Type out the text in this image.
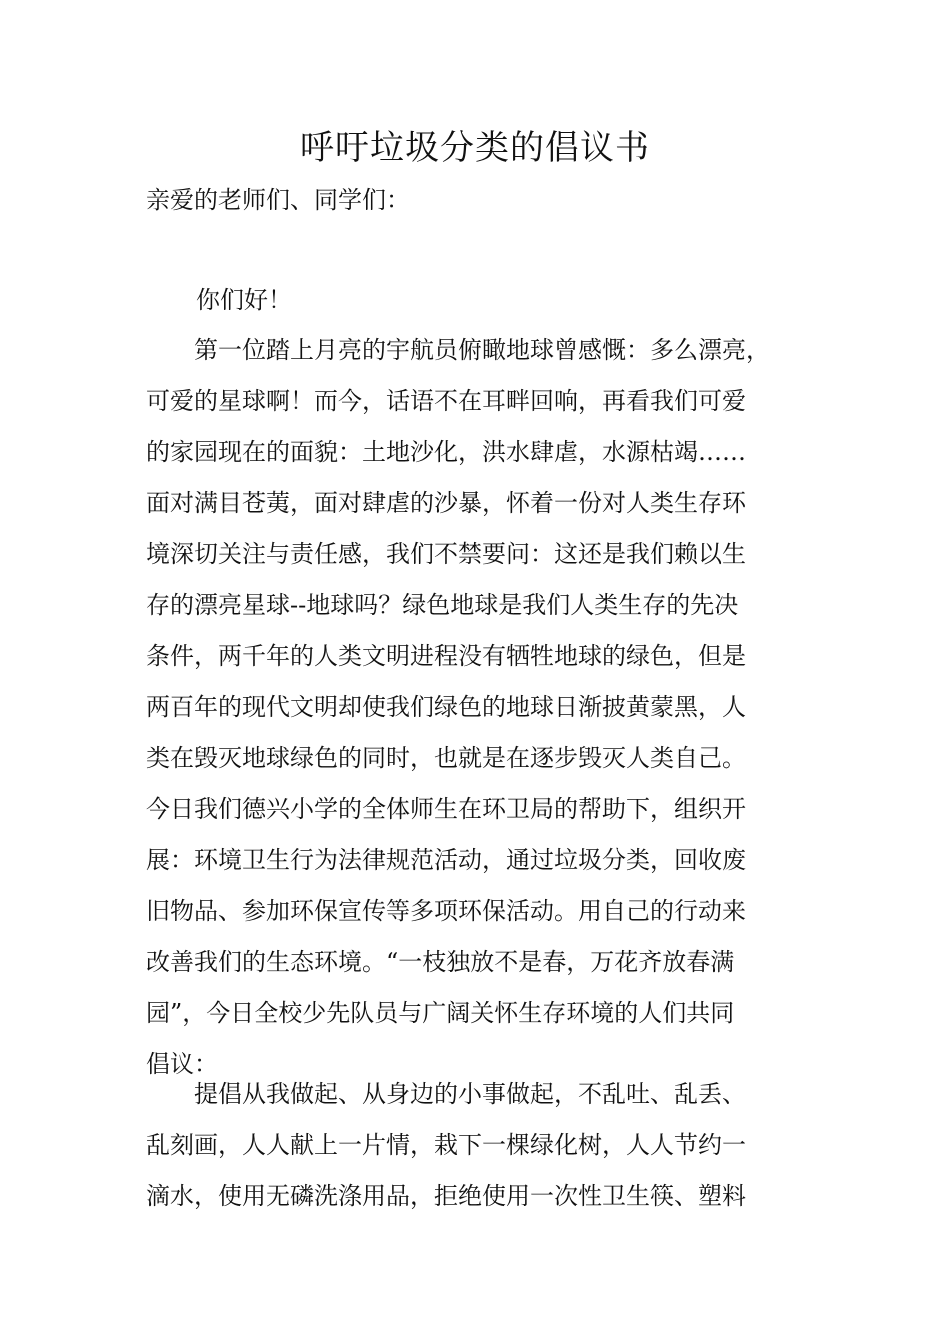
呼吁垃圾分类的倡议书
亲爱的老师们、同学们：
你们好！
　　第一位踏上月亮的宇航员俯瞰地球曾感慨：多么漂亮，
可爱的星球啊！而今，话语不在耳畔回响，再看我们可爱
的家园现在的面貌：土地沙化，洪水肆虐，水源枯竭……
面对满目苍荑，面对肆虐的沙暴，怀着一份对人类生存环
境深切关注与责任感，我们不禁要问：这还是我们赖以生
存的漂亮星球--地球吗？绿色地球是我们人类生存的先决
条件，两千年的人类文明进程没有牺牲地球的绿色，但是
两百年的现代文明却使我们绿色的地球日渐披黄蒙黑，人
类在毁灭地球绿色的同时，也就是在逐步毁灭人类自己。
今日我们德兴小学的全体师生在环卫局的帮助下，组织开
展：环境卫生行为法律规范活动，通过垃圾分类，回收废
旧物品、参加环保宣传等多项环保活动。用自己的行动来
改善我们的生态环境。“一枝独放不是春，万花齐放春满
园”，今日全校少先队员与广阔关怀生存环境的人们共同
倡议：
　　提倡从我做起、从身边的小事做起，不乱吐、乱丢、
乱刻画，人人献上一片情，栽下一棵绿化树，人人节约一
滴水，使用无磷洗涤用品，拒绝使用一次性卫生筷、塑料
